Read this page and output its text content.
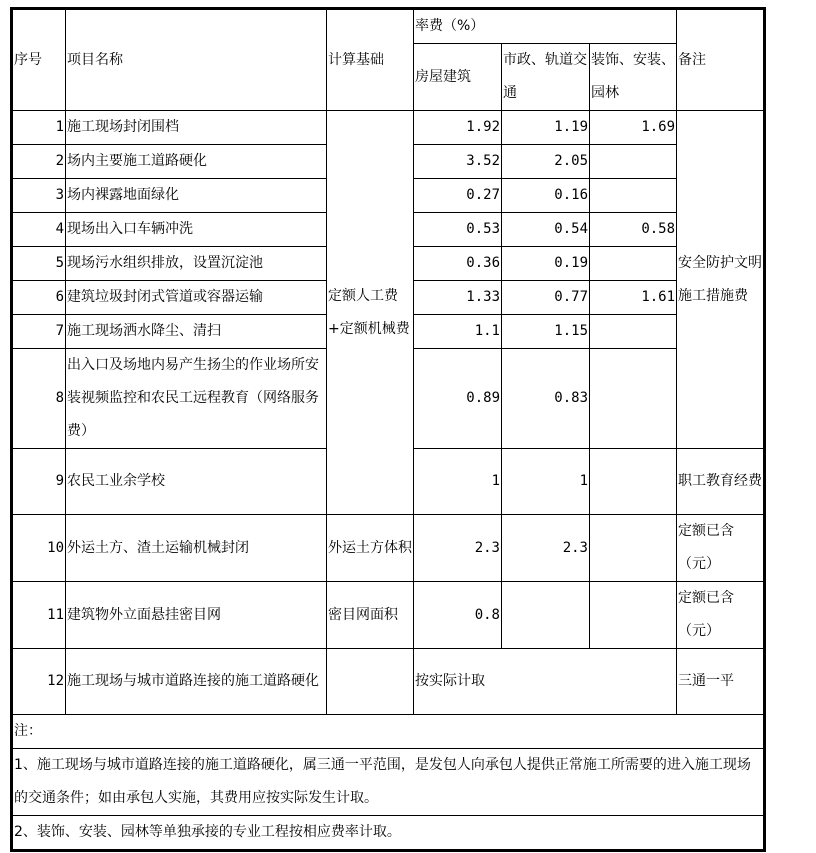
序号	项目名称	计算基础	率费（%）			备注
			房屋建筑	市政、轨道交通	装饰、安装、园林	
1	施工现场封闭围档	定额人工费+定额机械费	1.92	1.19	1.69	安全防护文明施工措施费
2	场内主要施工道路硬化		3.52	2.05		
3	场内裸露地面绿化		0.27	0.16		
4	现场出入口车辆冲洗		0.53	0.54	0.58	
5	现场污水组织排放，设置沉淀池		0.36	0.19		
6	建筑垃圾封闭式管道或容器运输		1.33	0.77	1.61	
7	施工现场洒水降尘、清扫		1.1	1.15		
8	出入口及场地内易产生扬尘的作业场所安装视频监控和农民工远程教育（网络服务费）		0.89	0.83		
9	农民工业余学校		1	1		职工教育经费
10	外运土方、渣土运输机械封闭	外运土方体积	2.3	2.3		定额已含（元）
11	建筑物外立面悬挂密目网	密目网面积	0.8			定额已含（元）
12	施工现场与城市道路连接的施工道路硬化		按实际计取			三通一平
注：						
1、施工现场与城市道路连接的施工道路硬化，属三通一平范围，是发包人向承包人提供正常施工所需要的进入施工现场的交通条件；如由承包人实施，其费用应按实际发生计取。						
2、装饰、安装、园林等单独承接的专业工程按相应费率计取。						
